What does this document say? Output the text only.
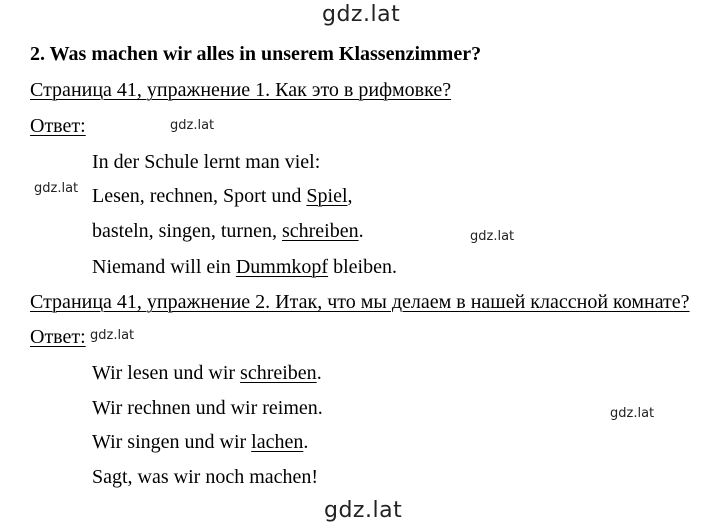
gdz.lat
2. Was machen wir alles in unserem Klassenzimmer?
Страница 41, упражнение 1. Как это в рифмовке?
Ответ:	gdz.lat
In der Schule lernt man viel:
gdz.lat Lesen, rechnen, Sport und Spiel,
basteln, singen, turnen, schreiben.	gdz.lat
Niemand will ein Dummkopf bleiben.
Страница 41, упражнение 2. Итак, что мы делаем в нашей классной комнате?
Ответ: gdz.lat
Wir lesen und wir schreiben.
Wir rechnen und wir reimen.	gdz.lat
Wir singen und wir lachen.
Sagt, was wir noch machen!
gdz.lat
